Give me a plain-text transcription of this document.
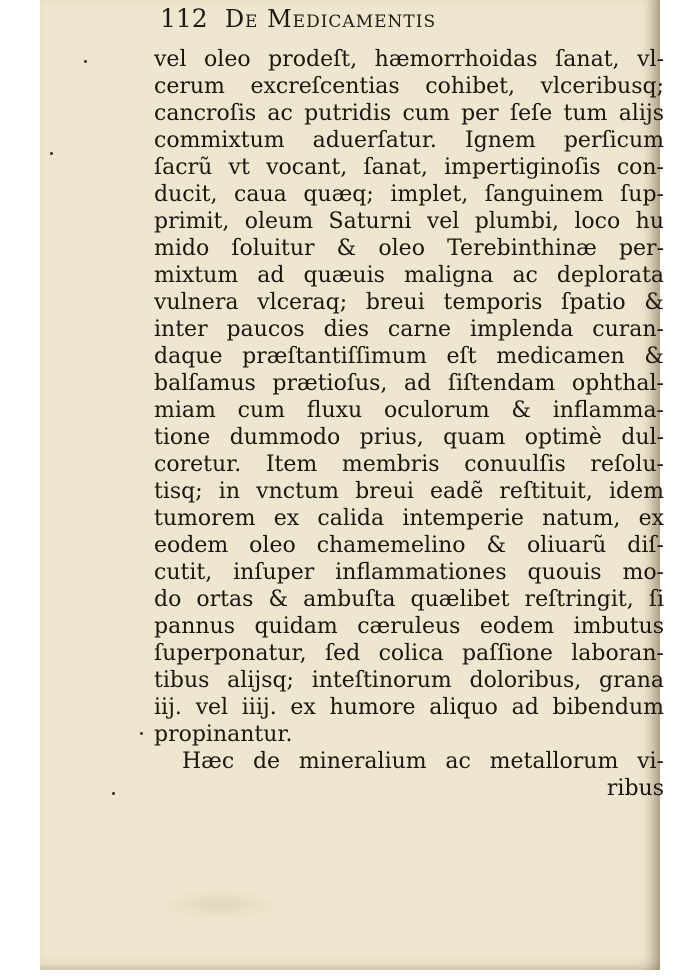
112 De Medicamentis
vel oleo prodeſt, hæmorrhoidas ſanat, vl-
cerum excreſcentias cohibet, vlceribusq;
cancroſis ac putridis cum per ſeſe tum alijs
commixtum aduerſatur. Ignem perſicum
ſacrũ vt vocant, ſanat, impertiginoſis con-
ducit, caua quæq; implet, ſanguinem ſup-
primit, oleum Saturni vel plumbi, loco hu
mido ſoluitur & oleo Terebinthinæ per-
mixtum ad quæuis maligna ac deplorata
vulnera vlceraq; breui temporis ſpatio &
inter paucos dies carne implenda curan-
daque præſtantiſſimum eſt medicamen &
balſamus prætioſus, ad ſiſtendam ophthal-
miam cum fluxu oculorum & inflamma-
tione dummodo prius, quam optimè dul-
coretur. Item membris conuulſis reſolu-
tisq; in vnctum breui eadẽ reſtituit, idem
tumorem ex calida intemperie natum, ex
eodem oleo chamemelino & oliuarũ diſ-
cutit, inſuper inflammationes quouis mo-
do ortas & ambuſta quælibet reſtringit, ſi
pannus quidam cæruleus eodem imbutus
ſuperponatur, ſed colica paſſione laboran-
tibus alijsq; inteſtinorum doloribus, grana
iij. vel iiij. ex humore aliquo ad bibendum
propinantur.
Hæc de mineralium ac metallorum vi-
ribus
